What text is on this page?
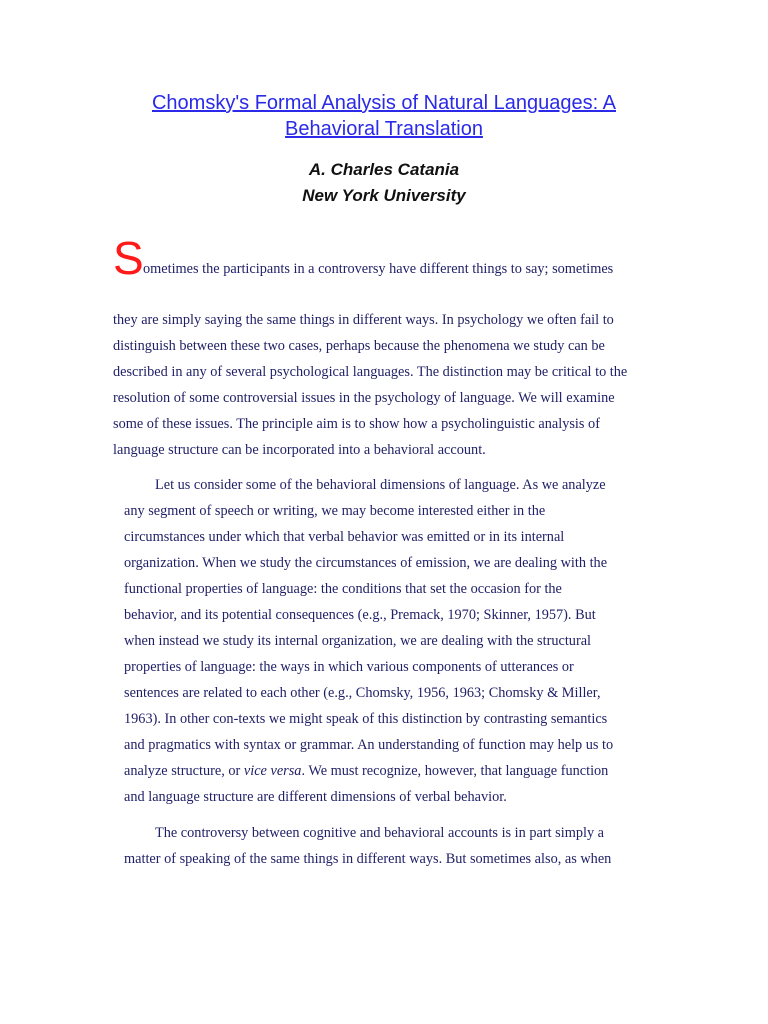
Chomsky's Formal Analysis of Natural Languages: A
Behavioral Translation
A. Charles Catania
New York University
S ometimes the participants in a controversy have different things to say; sometimes
they are simply saying the same things in different ways. In psychology we often fail to
distinguish between these two cases, perhaps because the phenomena we study can be
described in any of several psychological languages. The distinction may be critical to the
resolution of some controversial issues in the psychology of language. We will examine
some of these issues. The principle aim is to show how a psycholinguistic analysis of
language structure can be incorporated into a behavioral account.
Let us consider some of the behavioral dimensions of language. As we analyze
any segment of speech or writing, we may become interested either in the
circumstances under which that verbal behavior was emitted or in its internal
organization. When we study the circumstances of emission, we are dealing with the
functional properties of language: the conditions that set the occasion for the
behavior, and its potential consequences (e.g., Premack, 1970; Skinner, 1957). But
when instead we study its internal organization, we are dealing with the structural
properties of language: the ways in which various components of utterances or
sentences are related to each other (e.g., Chomsky, 1956, 1963; Chomsky & Miller,
1963). In other con-texts we might speak of this distinction by contrasting semantics
and pragmatics with syntax or grammar. An understanding of function may help us to
analyze structure, or vice versa. We must recognize, however, that language function
and language structure are different dimensions of verbal behavior.
The controversy between cognitive and behavioral accounts is in part simply a
matter of speaking of the same things in different ways. But sometimes also, as when
